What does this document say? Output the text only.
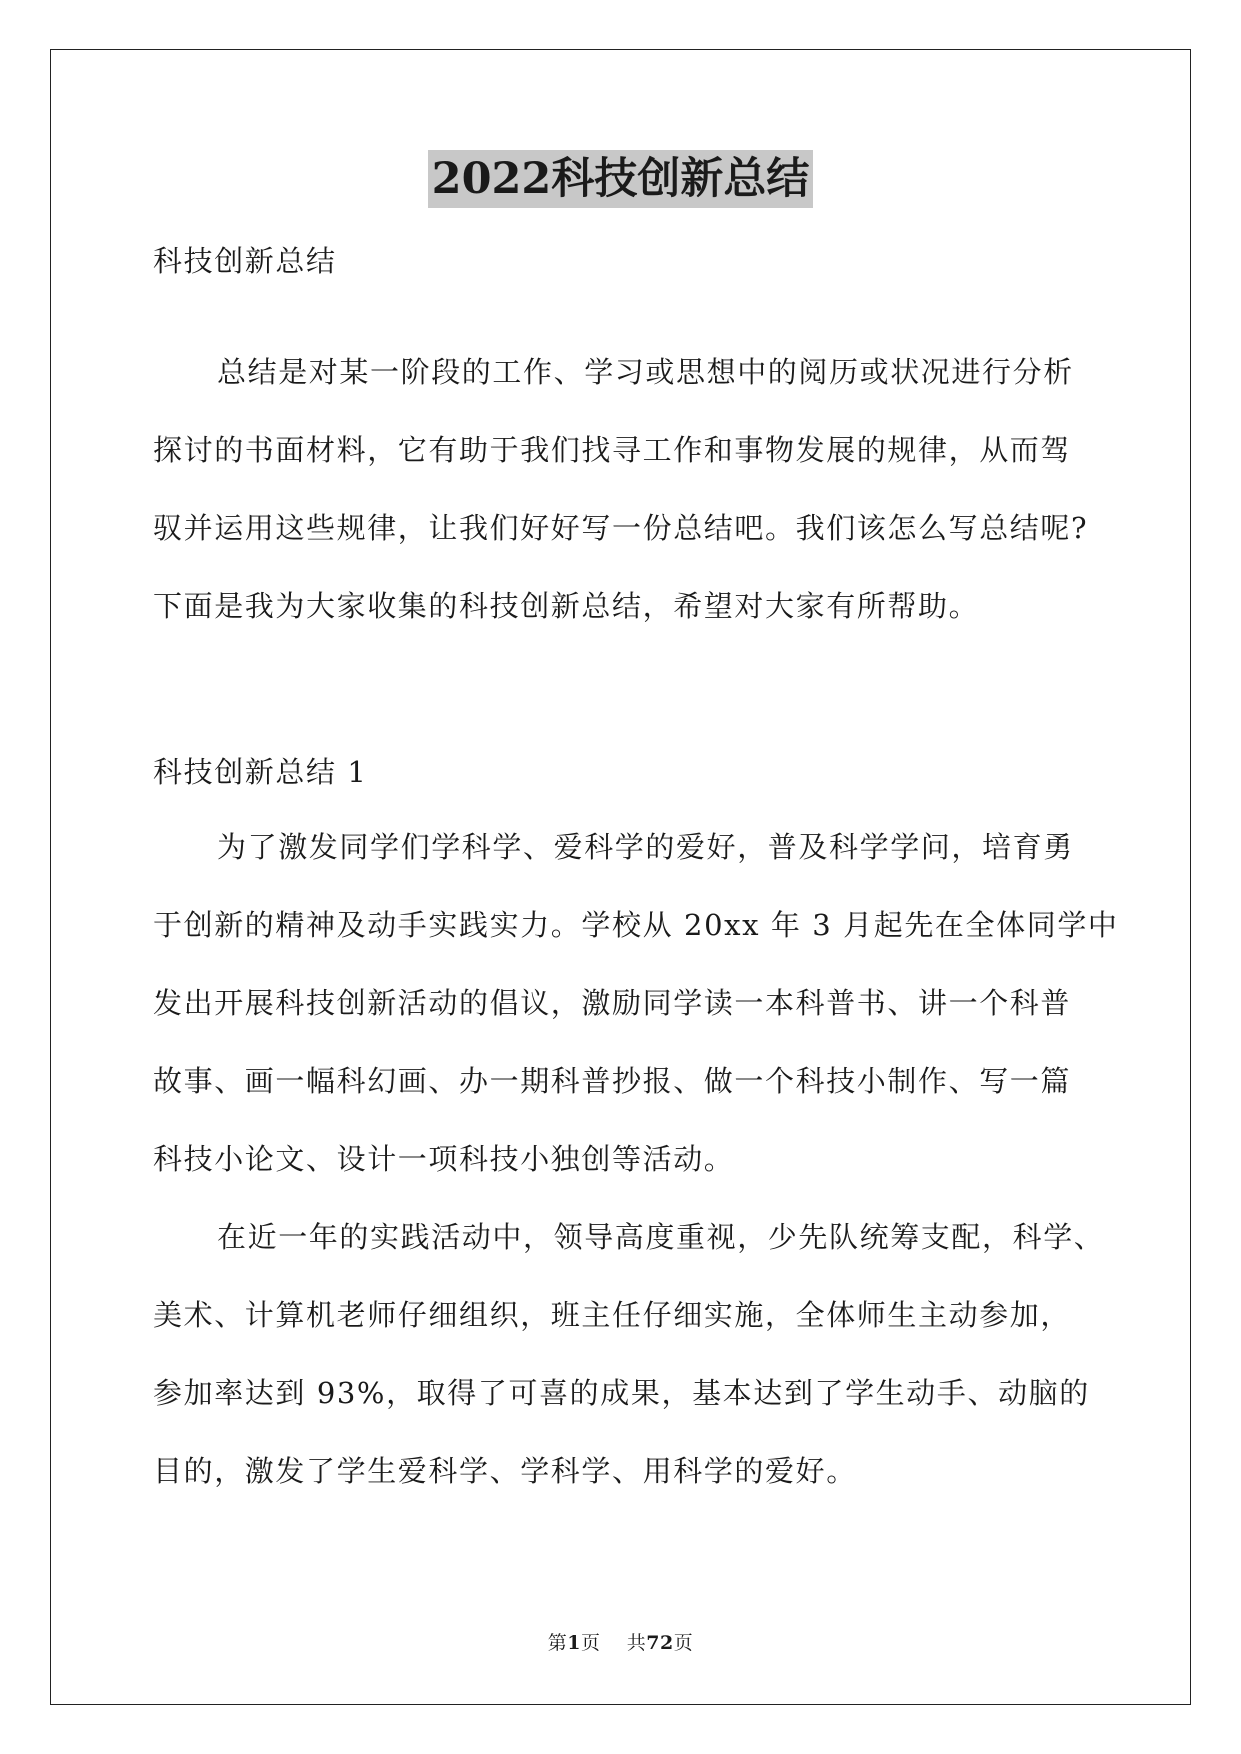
2022科技创新总结
科技创新总结
总结是对某一阶段的工作、学习或思想中的阅历或状况进行分析
探讨的书面材料，它有助于我们找寻工作和事物发展的规律，从而驾
驭并运用这些规律，让我们好好写一份总结吧。我们该怎么写总结呢?
下面是我为大家收集的科技创新总结，希望对大家有所帮助。
科技创新总结 1
为了激发同学们学科学、爱科学的爱好，普及科学学问，培育勇
于创新的精神及动手实践实力。学校从 20xx 年 3 月起先在全体同学中
发出开展科技创新活动的倡议，激励同学读一本科普书、讲一个科普
故事、画一幅科幻画、办一期科普抄报、做一个科技小制作、写一篇
科技小论文、设计一项科技小独创等活动。
在近一年的实践活动中，领导高度重视，少先队统筹支配，科学、
美术、计算机老师仔细组织，班主任仔细实施，全体师生主动参加，
参加率达到 93%，取得了可喜的成果，基本达到了学生动手、动脑的
目的，激发了学生爱科学、学科学、用科学的爱好。
第1页 共72页
